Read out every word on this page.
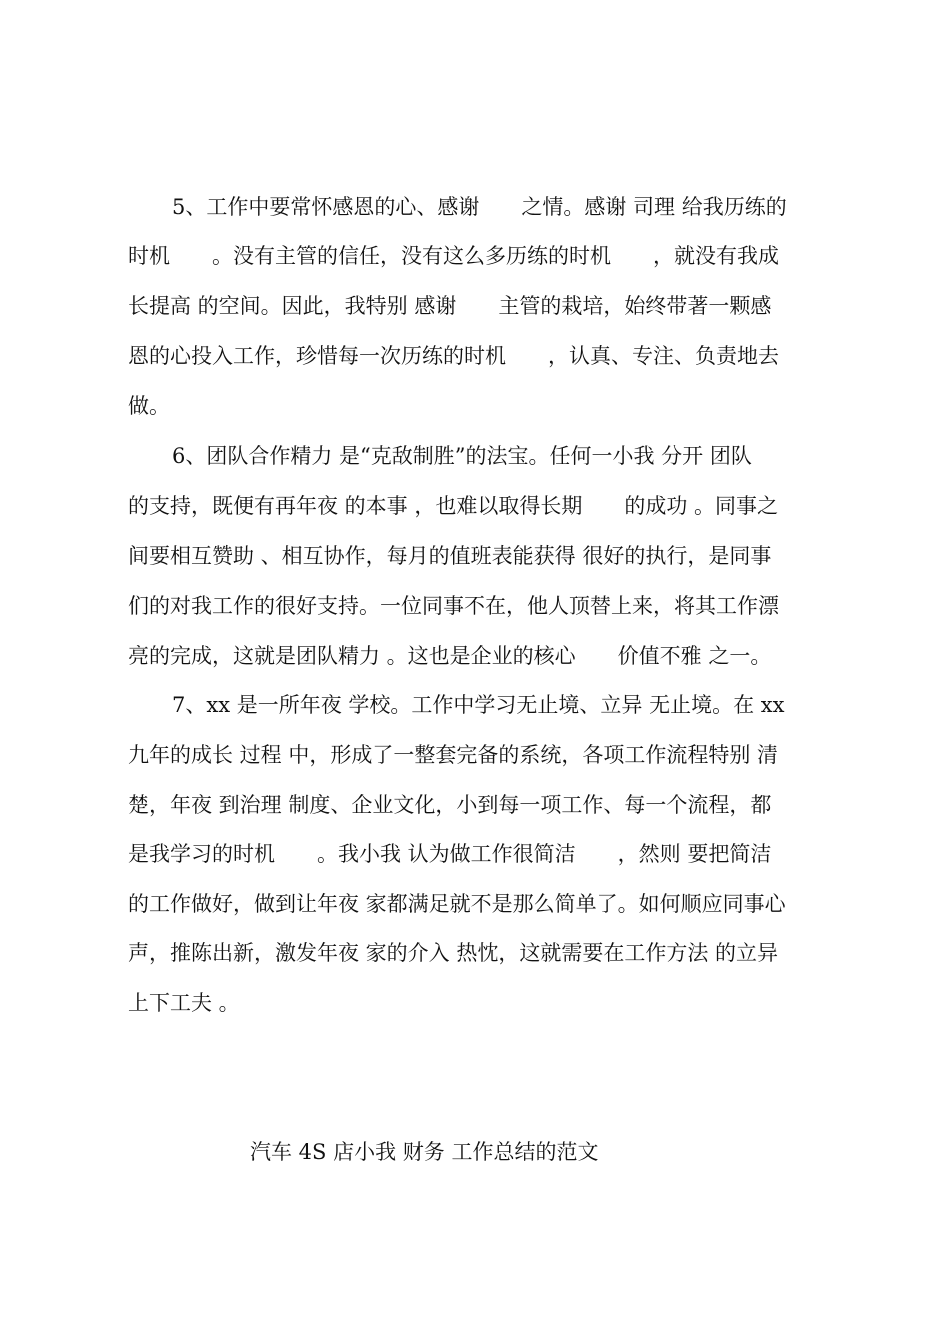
5、工作中要常怀感恩的心、感谢　　之情。感谢 司理 给我历练的
时机　　。没有主管的信任，没有这么多历练的时机　　，就没有我成
长提高 的空间。因此，我特别 感谢　　主管的栽培，始终带著一颗感
恩的心投入工作，珍惜每一次历练的时机　　，认真、专注、负责地去
做。
6、团队合作精力 是“克敌制胜”的法宝。任何一小我 分开 团队
的支持，既便有再年夜 的本事 ，也难以取得长期　　的成功 。同事之
间要相互赞助 、相互协作，每月的值班表能获得 很好的执行，是同事
们的对我工作的很好支持。一位同事不在，他人顶替上来，将其工作漂
亮的完成，这就是团队精力 。这也是企业的核心　　价值不雅 之一。
7、xx 是一所年夜 学校。工作中学习无止境、立异 无止境。在 xx
九年的成长 过程 中，形成了一整套完备的系统，各项工作流程特别 清
楚，年夜 到治理 制度、企业文化，小到每一项工作、每一个流程，都
是我学习的时机　　。我小我 认为做工作很简洁　　，然则 要把简洁
的工作做好，做到让年夜 家都满足就不是那么简单了。如何顺应同事心
声，推陈出新，激发年夜 家的介入 热忱，这就需要在工作方法 的立异
上下工夫 。
汽车 4S 店小我 财务 工作总结的范文
